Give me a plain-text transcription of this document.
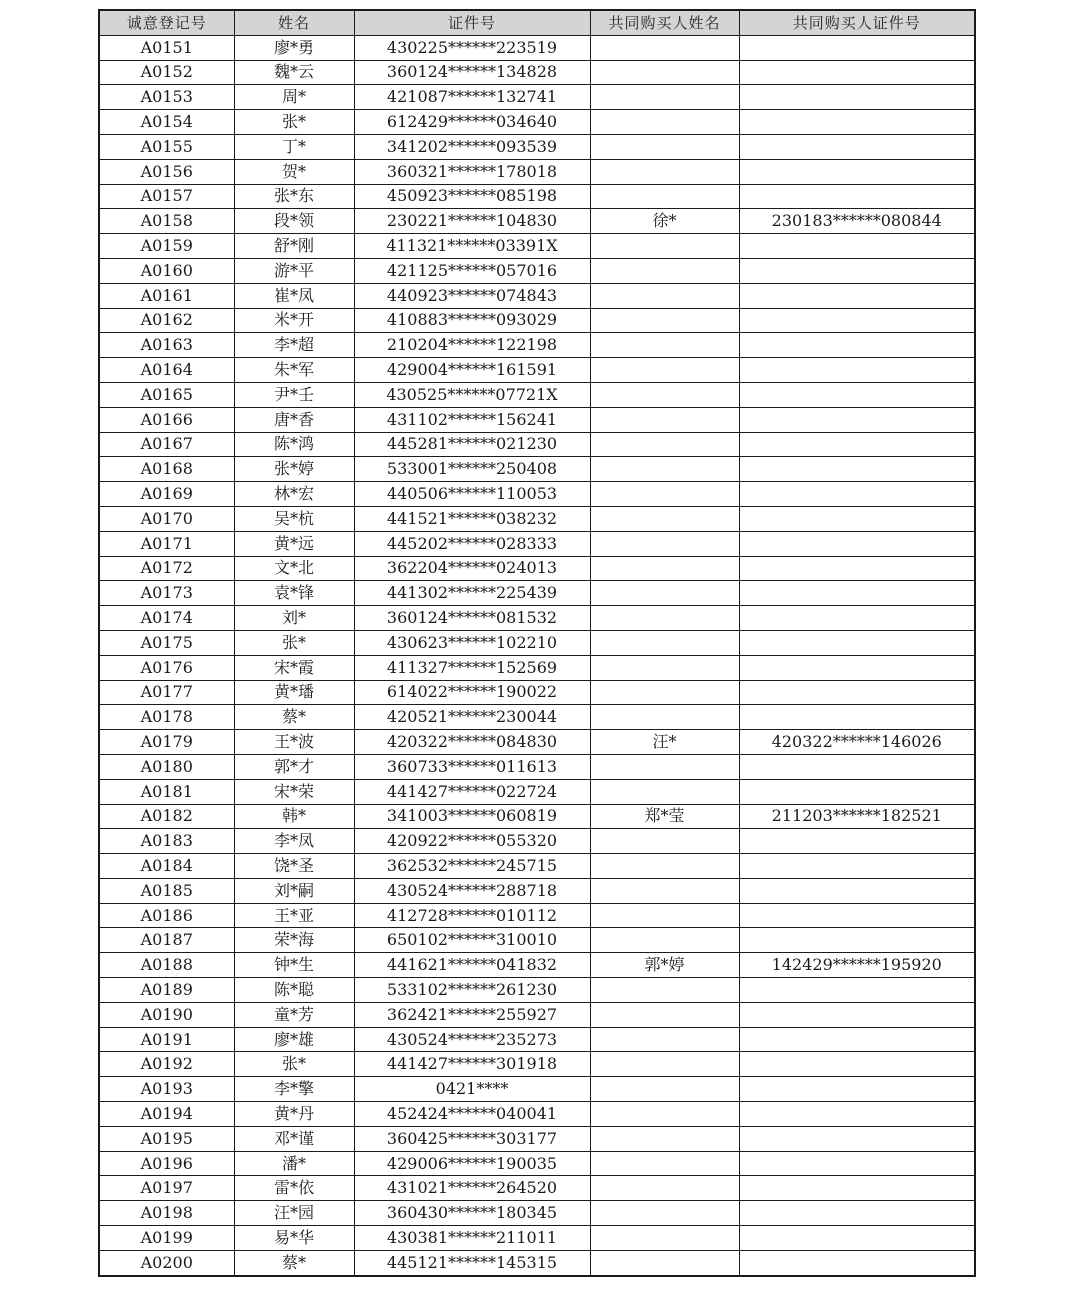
诚意登记号	姓名	证件号	共同购买人姓名	共同购买人证件号
A0151	廖*勇	430225******223519		
A0152	魏*云	360124******134828		
A0153	周*	421087******132741		
A0154	张*	612429******034640		
A0155	丁*	341202******093539		
A0156	贺*	360321******178018		
A0157	张*东	450923******085198		
A0158	段*领	230221******104830	徐*	230183******080844
A0159	舒*刚	411321******03391X		
A0160	游*平	421125******057016		
A0161	崔*凤	440923******074843		
A0162	米*开	410883******093029		
A0163	李*超	210204******122198		
A0164	朱*军	429004******161591		
A0165	尹*壬	430525******07721X		
A0166	唐*香	431102******156241		
A0167	陈*鸿	445281******021230		
A0168	张*婷	533001******250408		
A0169	林*宏	440506******110053		
A0170	吴*杭	441521******038232		
A0171	黄*远	445202******028333		
A0172	文*北	362204******024013		
A0173	袁*锋	441302******225439		
A0174	刘*	360124******081532		
A0175	张*	430623******102210		
A0176	宋*霞	411327******152569		
A0177	黄*璠	614022******190022		
A0178	蔡*	420521******230044		
A0179	王*波	420322******084830	汪*	420322******146026
A0180	郭*才	360733******011613		
A0181	宋*荣	441427******022724		
A0182	韩*	341003******060819	郑*莹	211203******182521
A0183	李*凤	420922******055320		
A0184	饶*圣	362532******245715		
A0185	刘*嗣	430524******288718		
A0186	王*亚	412728******010112		
A0187	荣*海	650102******310010		
A0188	钟*生	441621******041832	郭*婷	142429******195920
A0189	陈*聪	533102******261230		
A0190	童*芳	362421******255927		
A0191	廖*雄	430524******235273		
A0192	张*	441427******301918		
A0193	李*擎	0421****		
A0194	黄*丹	452424******040041		
A0195	邓*谨	360425******303177		
A0196	潘*	429006******190035		
A0197	雷*依	431021******264520		
A0198	汪*园	360430******180345		
A0199	易*华	430381******211011		
A0200	蔡*	445121******145315		
